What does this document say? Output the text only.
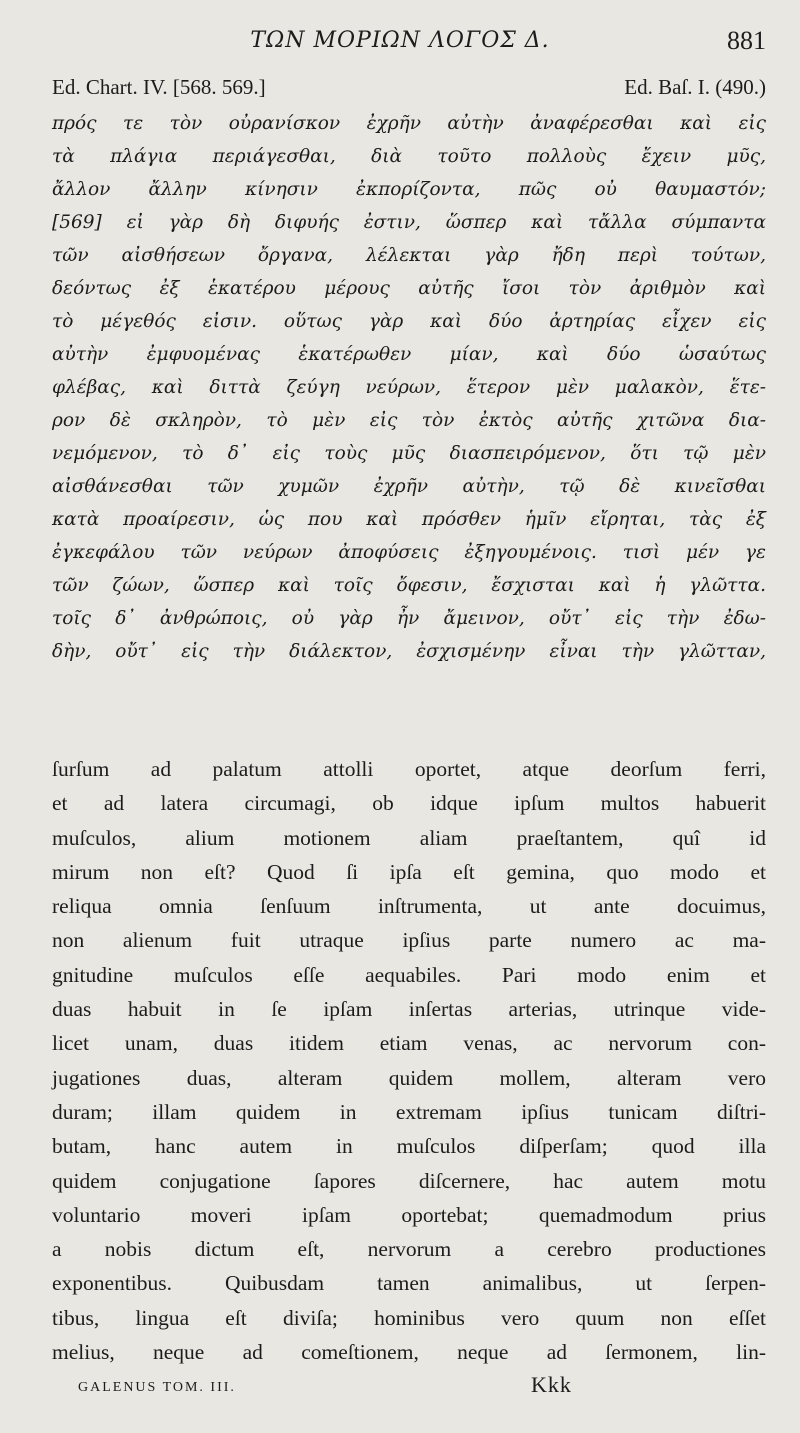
ΤΩΝ ΜΟΡΙΩΝ ΛΟΓΟΣ Δ.	881
Ed. Chart. IV. [568. 569.]	Ed. Baſ. I. (490.)
πρός τε τὸν οὐρανίσκον ἐχρῆν αὐτὴν ἀναφέρεσθαι καὶ εἰς
τὰ πλάγια περιάγεσθαι, διὰ τοῦτο πολλοὺς ἔχειν μῦς,
ἄλλον ἄλλην κίνησιν ἐκπορίζοντα, πῶς οὐ θαυμαστόν;
[569] εἰ γὰρ δὴ διφυής ἐστιν, ὥσπερ καὶ τἄλλα σύμπαντα
τῶν αἰσθήσεων ὄργανα, λέλεκται γὰρ ἤδη περὶ τούτων,
δεόντως ἐξ ἑκατέρου μέρους αὐτῆς ἴσοι τὸν ἀριθμὸν καὶ
τὸ μέγεθός εἰσιν. οὕτως γὰρ καὶ δύο ἀρτηρίας εἶχεν εἰς
αὐτὴν ἐμφυομένας ἑκατέρωθεν μίαν, καὶ δύο ὡσαύτως
φλέβας, καὶ διττὰ ζεύγη νεύρων, ἕτερον μὲν μαλακὸν, ἕτε-
ρον δὲ σκληρὸν, τὸ μὲν εἰς τὸν ἐκτὸς αὐτῆς χιτῶνα δια-
νεμόμενον, τὸ δ᾽ εἰς τοὺς μῦς διασπειρόμενον, ὅτι τῷ μὲν
αἰσθάνεσθαι τῶν χυμῶν ἐχρῆν αὐτὴν, τῷ δὲ κινεῖσθαι
κατὰ προαίρεσιν, ὡς που καὶ πρόσθεν ἡμῖν εἴρηται, τὰς ἐξ
ἐγκεφάλου τῶν νεύρων ἀποφύσεις ἐξηγουμένοις. τισὶ μέν γε
τῶν ζώων, ὥσπερ καὶ τοῖς ὄφεσιν, ἔσχισται καὶ ἡ γλῶττα.
τοῖς δ᾽ ἀνθρώποις, οὐ γὰρ ἦν ἄμεινον, οὔτ᾽ εἰς τὴν ἐδω-
δὴν, οὔτ᾽ εἰς τὴν διάλεκτον, ἐσχισμένην εἶναι τὴν γλῶτταν,
ſurſum ad palatum attolli oportet, atque deorſum ferri,
et ad latera circumagi, ob idque ipſum multos habuerit
muſculos, alium motionem aliam praeſtantem, quî id
mirum non eſt? Quod ſi ipſa eſt gemina, quo modo et
reliqua omnia ſenſuum inſtrumenta, ut ante docuimus,
non alienum fuit utraque ipſius parte numero ac ma-
gnitudine muſculos eſſe aequabiles. Pari modo enim et
duas habuit in ſe ipſam inſertas arterias, utrinque vide-
licet unam, duas itidem etiam venas, ac nervorum con-
jugationes duas, alteram quidem mollem, alteram vero
duram; illam quidem in extremam ipſius tunicam diſtri-
butam, hanc autem in muſculos diſperſam; quod illa
quidem conjugatione ſapores diſcernere, hac autem motu
voluntario moveri ipſam oportebat; quemadmodum prius
a nobis dictum eſt, nervorum a cerebro productiones
exponentibus. Quibusdam tamen animalibus, ut ſerpen-
tibus, lingua eſt diviſa; hominibus vero quum non eſſet
melius, neque ad comeſtionem, neque ad ſermonem, lin-
GALENUS TOM. III.	Kkk
